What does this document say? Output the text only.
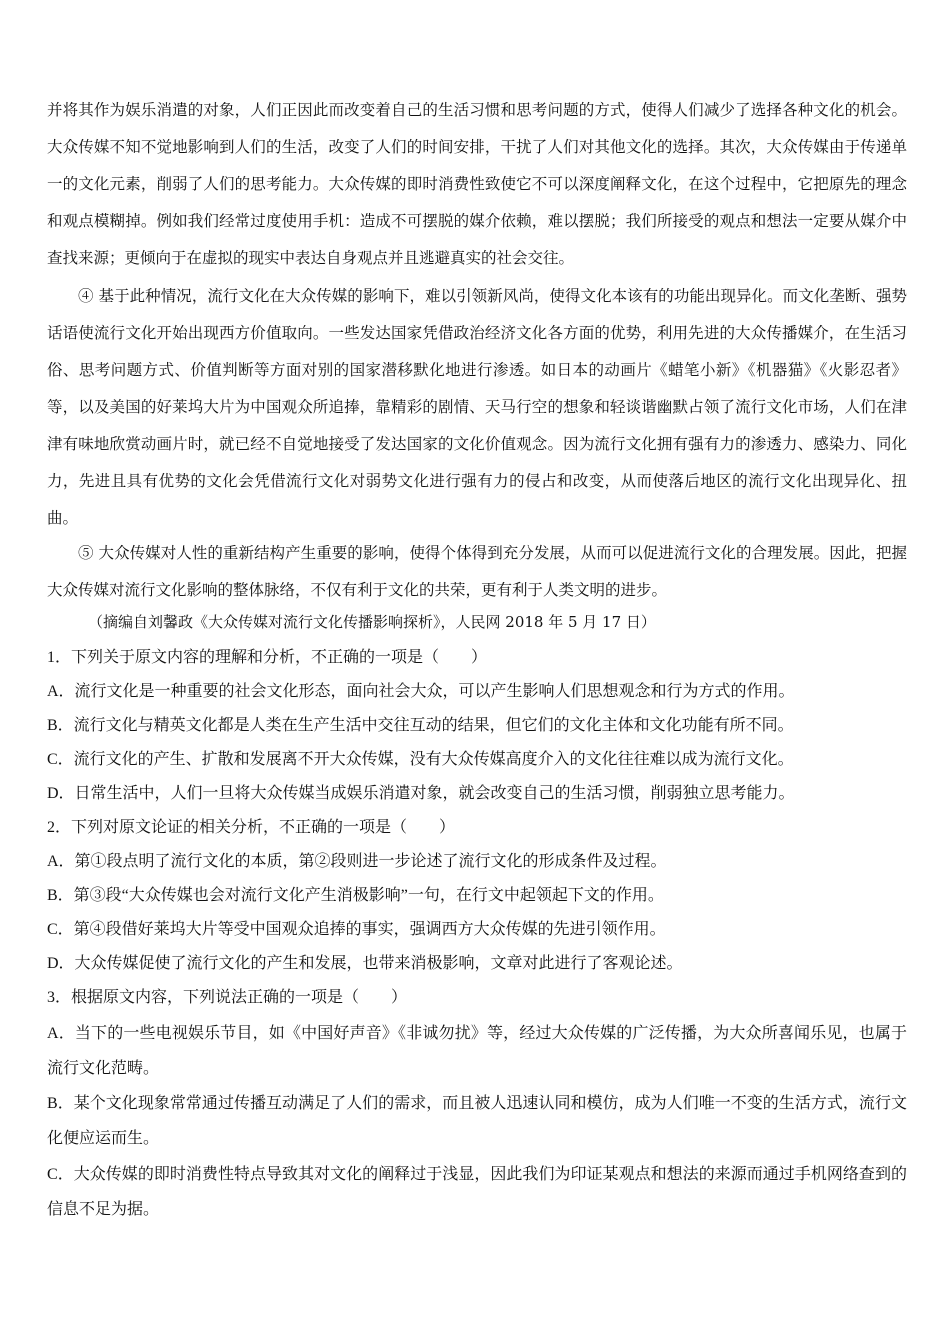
并将其作为娱乐消遣的对象，人们正因此而改变着自己的生活习惯和思考问题的方式，使得人们减少了选择各种文化的机会。大众传媒不知不觉地影响到人们的生活，改变了人们的时间安排，干扰了人们对其他文化的选择。其次，大众传媒由于传递单一的文化元素，削弱了人们的思考能力。大众传媒的即时消费性致使它不可以深度阐释文化，在这个过程中，它把原先的理念和观点模糊掉。例如我们经常过度使用手机：造成不可摆脱的媒介依赖，难以摆脱；我们所接受的观点和想法一定要从媒介中查找来源；更倾向于在虚拟的现实中表达自身观点并且逃避真实的社会交往。

④ 基于此种情况，流行文化在大众传媒的影响下，难以引领新风尚，使得文化本该有的功能出现异化。而文化垄断、强势话语使流行文化开始出现西方价值取向。一些发达国家凭借政治经济文化各方面的优势，利用先进的大众传播媒介，在生活习俗、思考问题方式、价值判断等方面对别的国家潜移默化地进行渗透。如日本的动画片《蜡笔小新》《机器猫》《火影忍者》等，以及美国的好莱坞大片为中国观众所追捧，靠精彩的剧情、天马行空的想象和轻谈谐幽默占领了流行文化市场，人们在津津有味地欣赏动画片时，就已经不自觉地接受了发达国家的文化价值观念。因为流行文化拥有强有力的渗透力、感染力、同化力，先进且具有优势的文化会凭借流行文化对弱势文化进行强有力的侵占和改变，从而使落后地区的流行文化出现异化、扭曲。

⑤ 大众传媒对人性的重新结构产生重要的影响，使得个体得到充分发展，从而可以促进流行文化的合理发展。因此，把握大众传媒对流行文化影响的整体脉络，不仅有利于文化的共荣，更有利于人类文明的进步。

（摘编自刘馨政《大众传媒对流行文化传播影响探析》，人民网 2018 年 5 月 17 日）

1．下列关于原文内容的理解和分析，不正确的一项是（　　）

A．流行文化是一种重要的社会文化形态，面向社会大众，可以产生影响人们思想观念和行为方式的作用。

B．流行文化与精英文化都是人类在生产生活中交往互动的结果，但它们的文化主体和文化功能有所不同。

C．流行文化的产生、扩散和发展离不开大众传媒，没有大众传媒高度介入的文化往往难以成为流行文化。

D．日常生活中，人们一旦将大众传媒当成娱乐消遣对象，就会改变自己的生活习惯，削弱独立思考能力。

2．下列对原文论证的相关分析，不正确的一项是（　　）

A．第①段点明了流行文化的本质，第②段则进一步论述了流行文化的形成条件及过程。

B．第③段“大众传媒也会对流行文化产生消极影响”一句，在行文中起领起下文的作用。

C．第④段借好莱坞大片等受中国观众追捧的事实，强调西方大众传媒的先进引领作用。

D．大众传媒促使了流行文化的产生和发展，也带来消极影响，文章对此进行了客观论述。

3．根据原文内容，下列说法正确的一项是（　　）

A．当下的一些电视娱乐节目，如《中国好声音》《非诚勿扰》等，经过大众传媒的广泛传播，为大众所喜闻乐见，也属于流行文化范畴。

B．某个文化现象常常通过传播互动满足了人们的需求，而且被人迅速认同和模仿，成为人们唯一不变的生活方式，流行文化便应运而生。

C．大众传媒的即时消费性特点导致其对文化的阐释过于浅显，因此我们为印证某观点和想法的来源而通过手机网络查到的信息不足为据。
